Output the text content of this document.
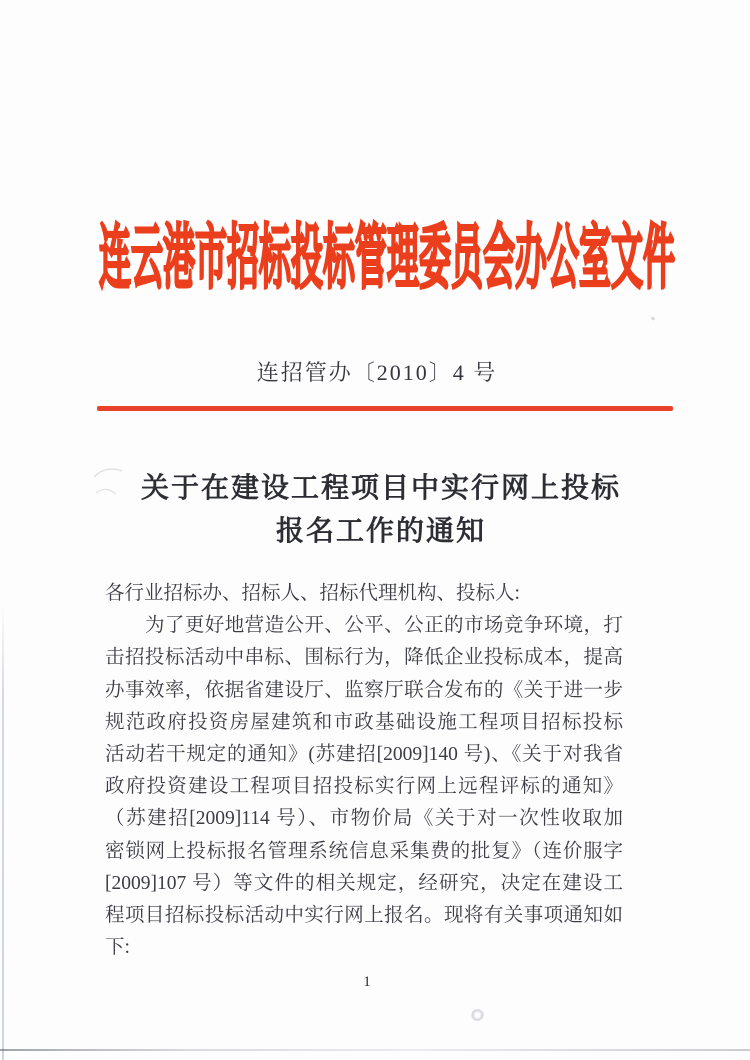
连云港市招标投标管理委员会办公室文件
连招管办〔2010〕4 号
关于在建设工程项目中实行网上投标
报名工作的通知
各行业招标办、招标人、招标代理机构、投标人:
为了更好地营造公开、公平、公正的市场竞争环境，打
击招投标活动中串标、围标行为，降低企业投标成本，提高
办事效率，依据省建设厅、监察厅联合发布的《关于进一步
规范政府投资房屋建筑和市政基础设施工程项目招标投标
活动若干规定的通知》(苏建招[2009]140 号)、《关于对我省
政府投资建设工程项目招投标实行网上远程评标的通知》
（苏建招[2009]114 号）、市物价局《关于对一次性收取加
密锁网上投标报名管理系统信息采集费的批复》（连价服字
[2009]107 号）等文件的相关规定，经研究，决定在建设工
程项目招标投标活动中实行网上报名。现将有关事项通知如
下:
1
